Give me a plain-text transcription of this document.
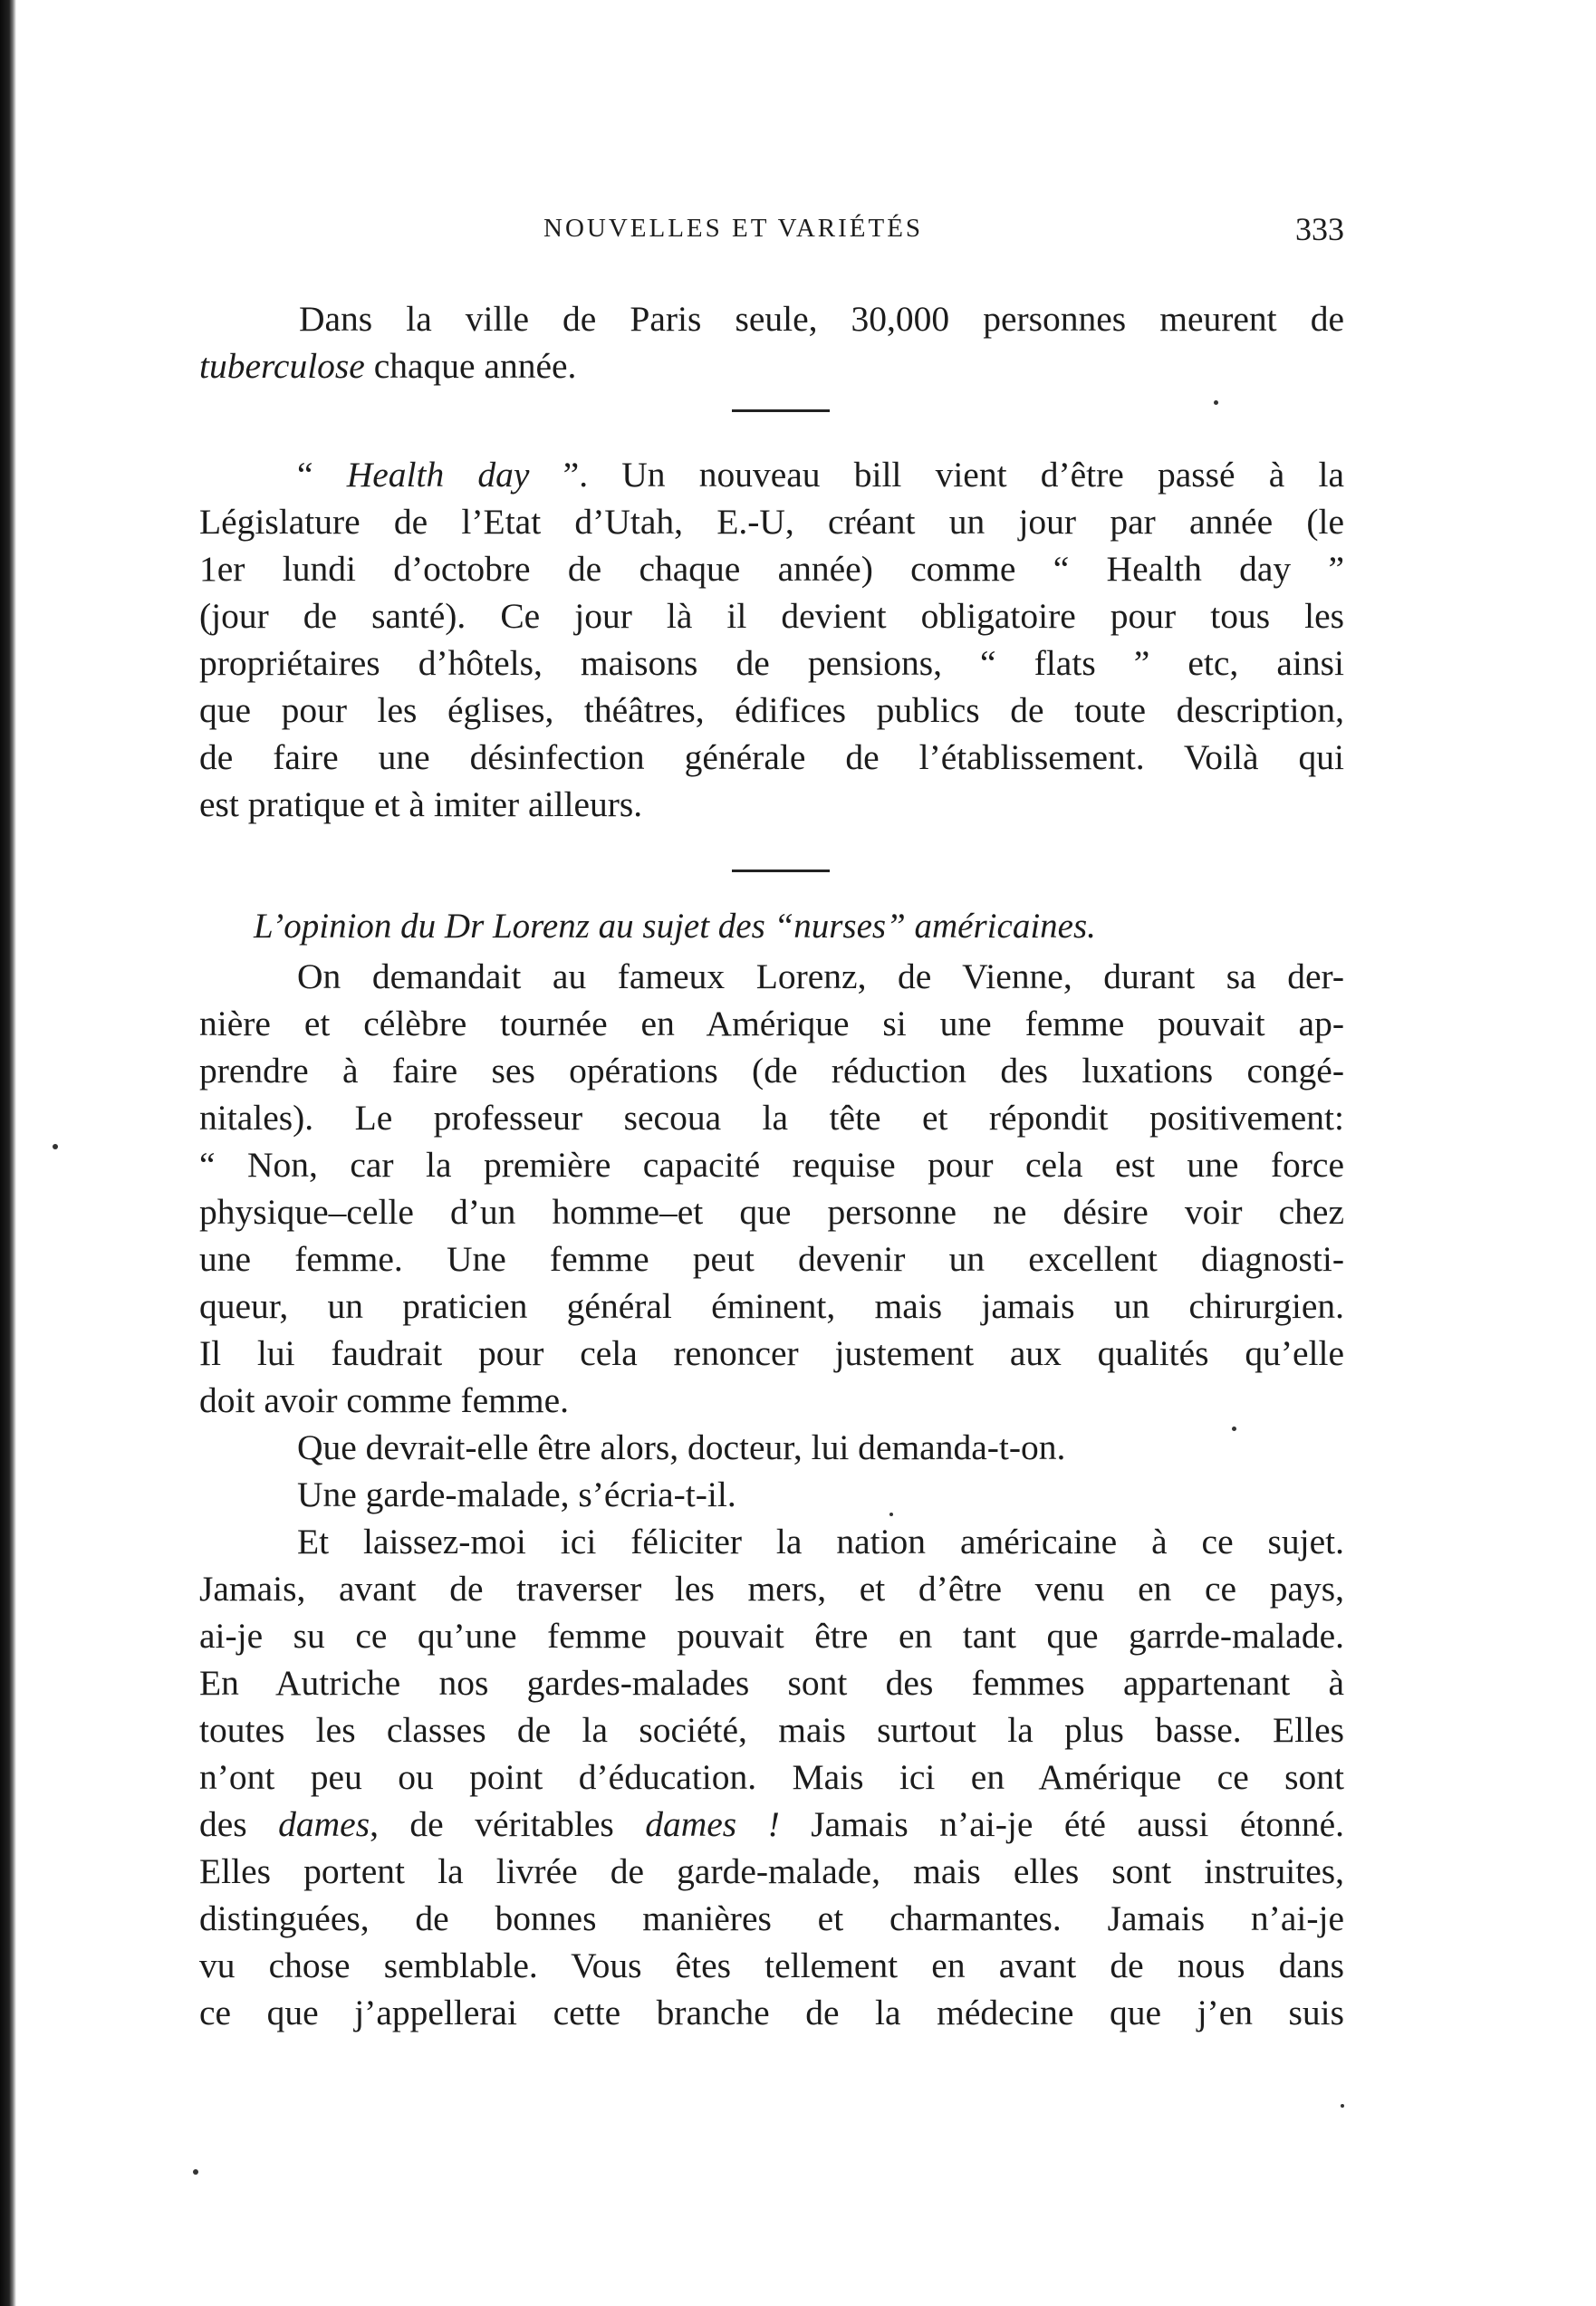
NOUVELLES ET VARIÉTÉS	333
Dans la ville de Paris seule, 30,000 personnes meurent de
tuberculose chaque année.
“ Health day ”. Un nouveau bill vient d’être passé à la
Législature de l’Etat d’Utah, E.-U, créant un jour par année (le
1er lundi d’octobre de chaque année) comme “ Health day ”
(jour de santé). Ce jour là il devient obligatoire pour tous les
propriétaires d’hôtels, maisons de pensions, “ flats ” etc, ainsi
que pour les églises, théâtres, édifices publics de toute description,
de faire une désinfection générale de l’établissement. Voilà qui
est pratique et à imiter ailleurs.
L’opinion du Dr Lorenz au sujet des “nurses” américaines.
On demandait au fameux Lorenz, de Vienne, durant sa der-
nière et célèbre tournée en Amérique si une femme pouvait ap-
prendre à faire ses opérations (de réduction des luxations congé-
nitales). Le professeur secoua la tête et répondit positivement:
“ Non, car la première capacité requise pour cela est une force
physique–celle d’un homme–et que personne ne désire voir chez
une femme. Une femme peut devenir un excellent diagnosti-
queur, un praticien général éminent, mais jamais un chirurgien.
Il lui faudrait pour cela renoncer justement aux qualités qu’elle
doit avoir comme femme.
Que devrait-elle être alors, docteur, lui demanda-t-on.
Une garde-malade, s’écria-t-il.
Et laissez-moi ici féliciter la nation américaine à ce sujet.
Jamais, avant de traverser les mers, et d’être venu en ce pays,
ai-je su ce qu’une femme pouvait être en tant que garrde-malade.
En Autriche nos gardes-malades sont des femmes appartenant à
toutes les classes de la société, mais surtout la plus basse. Elles
n’ont peu ou point d’éducation. Mais ici en Amérique ce sont
des dames, de véritables dames ! Jamais n’ai-je été aussi étonné.
Elles portent la livrée de garde-malade, mais elles sont instruites,
distinguées, de bonnes manières et charmantes. Jamais n’ai-je
vu chose semblable. Vous êtes tellement en avant de nous dans
ce que j’appellerai cette branche de la médecine que j’en suis
